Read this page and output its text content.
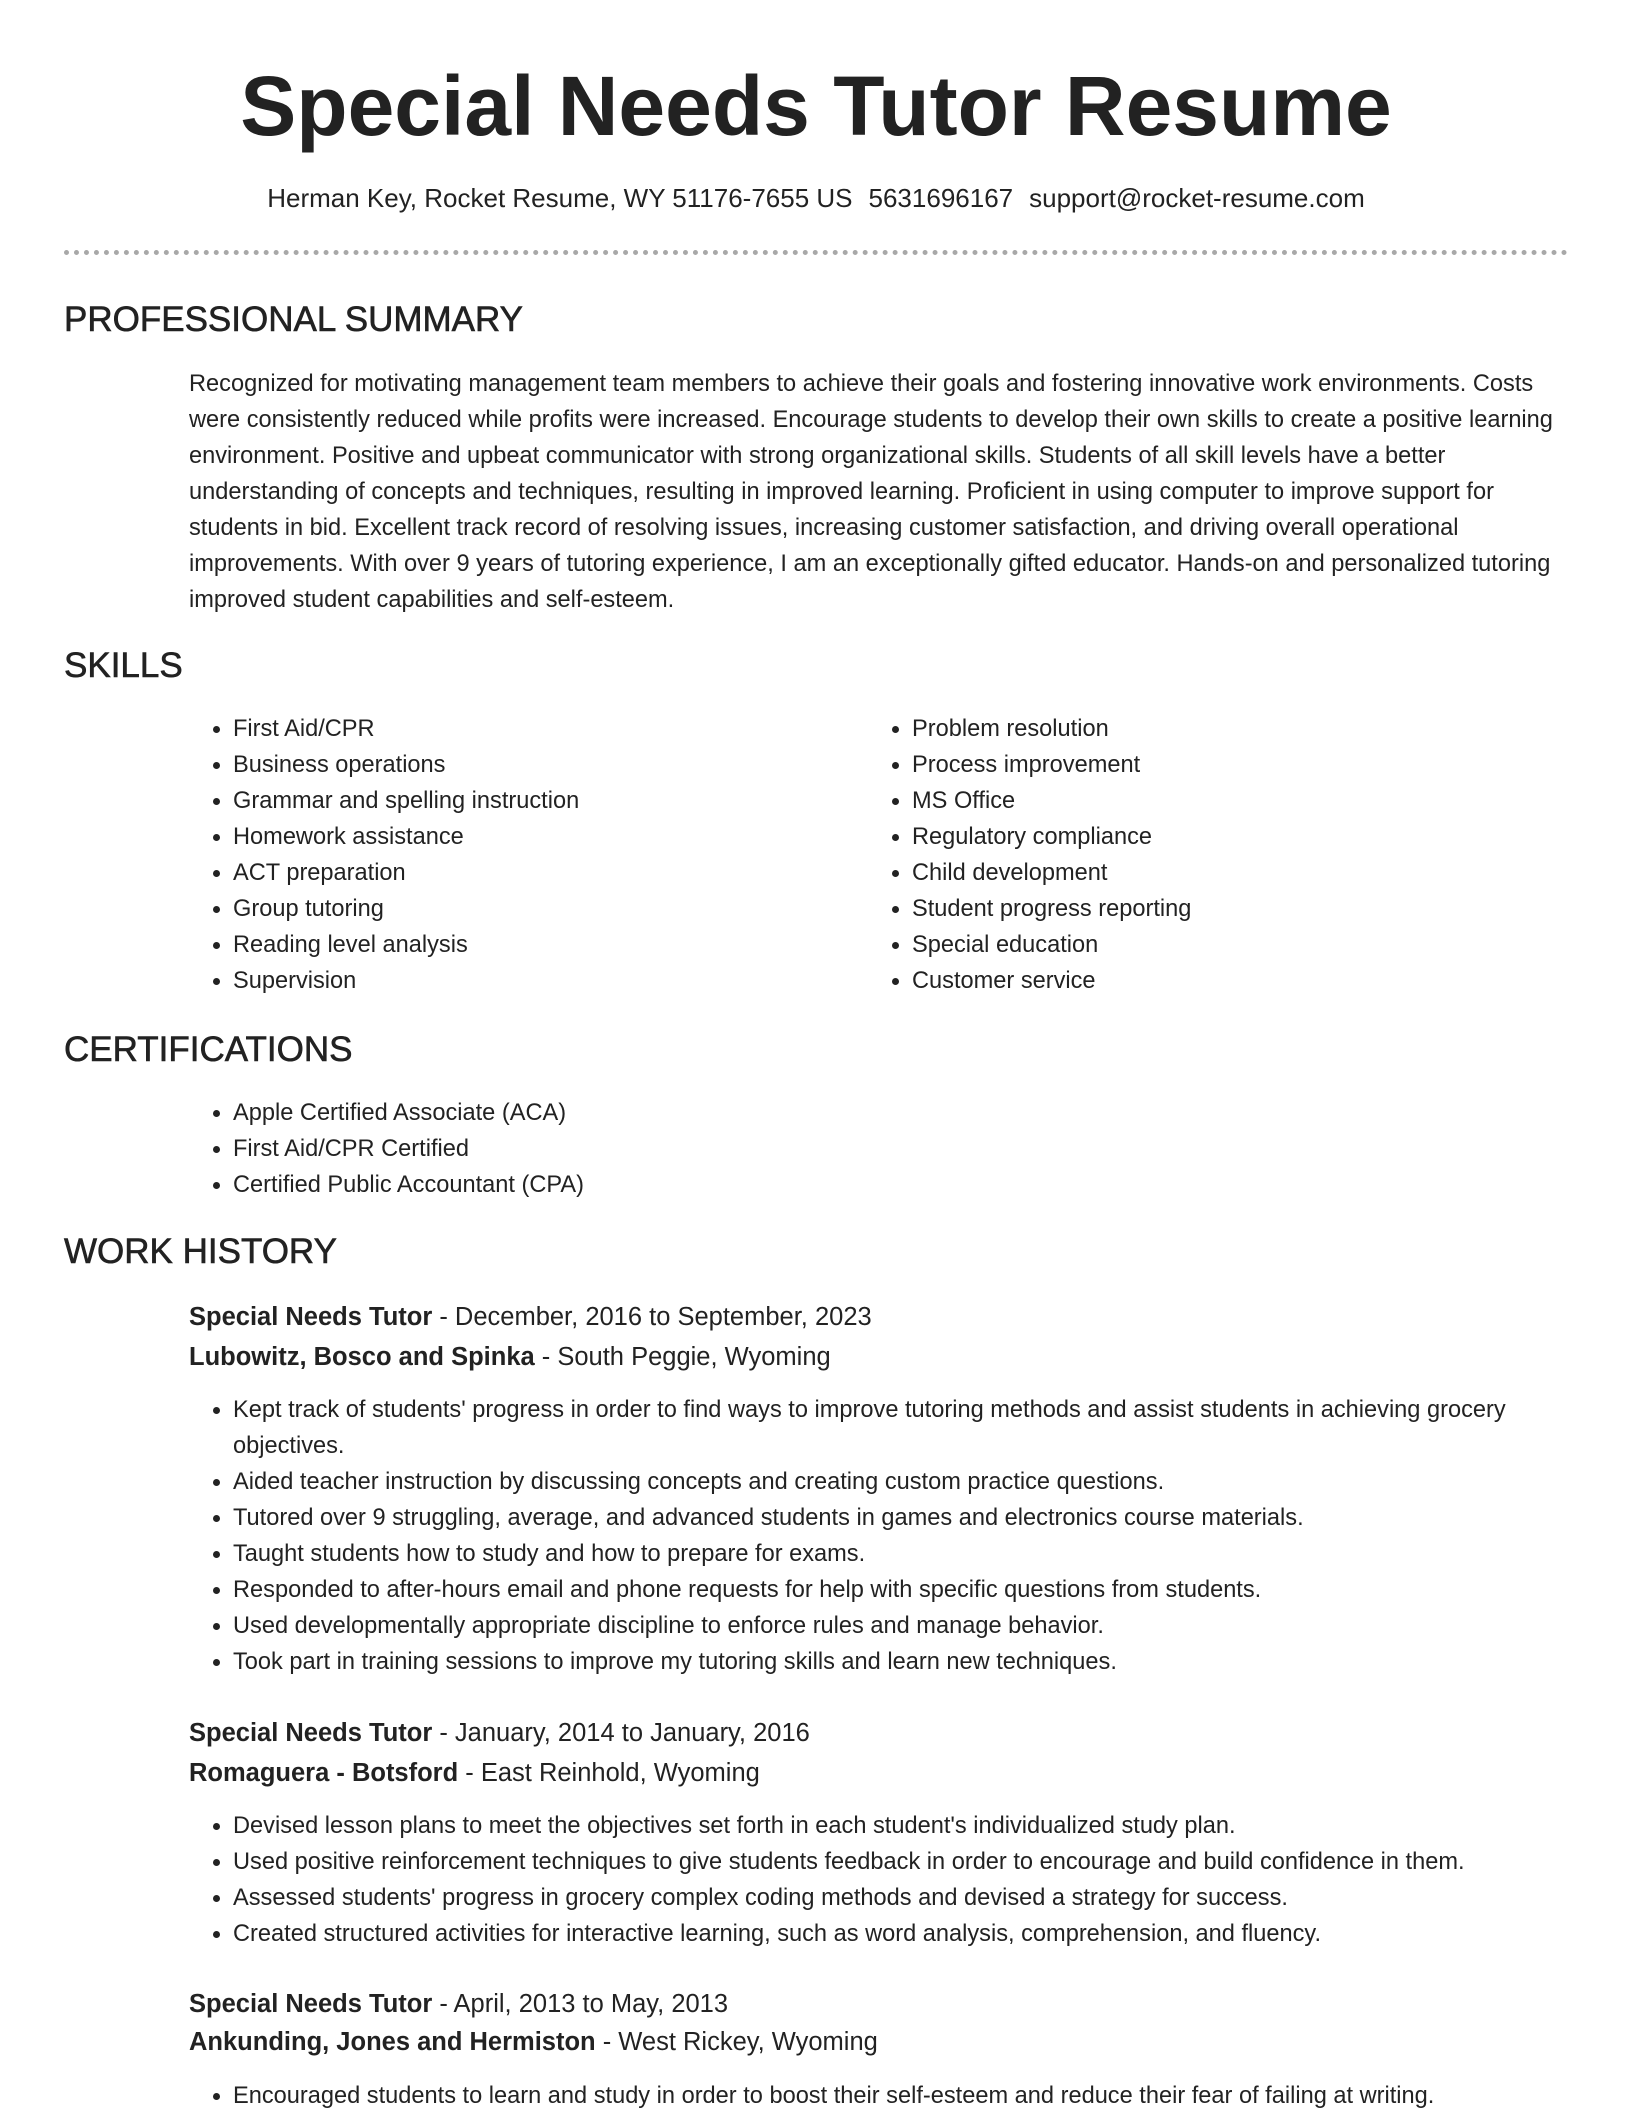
Special Needs Tutor Resume
Herman Key, Rocket Resume, WY 51176-7655 US 5631696167 support@rocket-resume.com
PROFESSIONAL SUMMARY

Recognized for motivating management team members to achieve their goals and fostering innovative work environments. Costs were consistently reduced while profits were increased. Encourage students to develop their own skills to create a positive learning environment. Positive and upbeat communicator with strong organizational skills. Students of all skill levels have a better understanding of concepts and techniques, resulting in improved learning. Proficient in using computer to improve support for students in bid. Excellent track record of resolving issues, increasing customer satisfaction, and driving overall operational improvements. With over 9 years of tutoring experience, I am an exceptionally gifted educator. Hands-on and personalized tutoring improved student capabilities and self-esteem.

SKILLS
• First Aid/CPR
• Business operations
• Grammar and spelling instruction
• Homework assistance
• ACT preparation
• Group tutoring
• Reading level analysis
• Supervision
• Problem resolution
• Process improvement
• MS Office
• Regulatory compliance
• Child development
• Student progress reporting
• Special education
• Customer service
CERTIFICATIONS
• Apple Certified Associate (ACA)
• First Aid/CPR Certified
• Certified Public Accountant (CPA)
WORK HISTORY
Special Needs Tutor - December, 2016 to September, 2023
Lubowitz, Bosco and Spinka - South Peggie, Wyoming
• Kept track of students' progress in order to find ways to improve tutoring methods and assist students in achieving grocery objectives.
• Aided teacher instruction by discussing concepts and creating custom practice questions.
• Tutored over 9 struggling, average, and advanced students in games and electronics course materials.
• Taught students how to study and how to prepare for exams.
• Responded to after-hours email and phone requests for help with specific questions from students.
• Used developmentally appropriate discipline to enforce rules and manage behavior.
• Took part in training sessions to improve my tutoring skills and learn new techniques.
Special Needs Tutor - January, 2014 to January, 2016
Romaguera - Botsford - East Reinhold, Wyoming
• Devised lesson plans to meet the objectives set forth in each student's individualized study plan.
• Used positive reinforcement techniques to give students feedback in order to encourage and build confidence in them.
• Assessed students' progress in grocery complex coding methods and devised a strategy for success.
• Created structured activities for interactive learning, such as word analysis, comprehension, and fluency.
Special Needs Tutor - April, 2013 to May, 2013
Ankunding, Jones and Hermiston - West Rickey, Wyoming
• Encouraged students to learn and study in order to boost their self-esteem and reduce their fear of failing at writing.
